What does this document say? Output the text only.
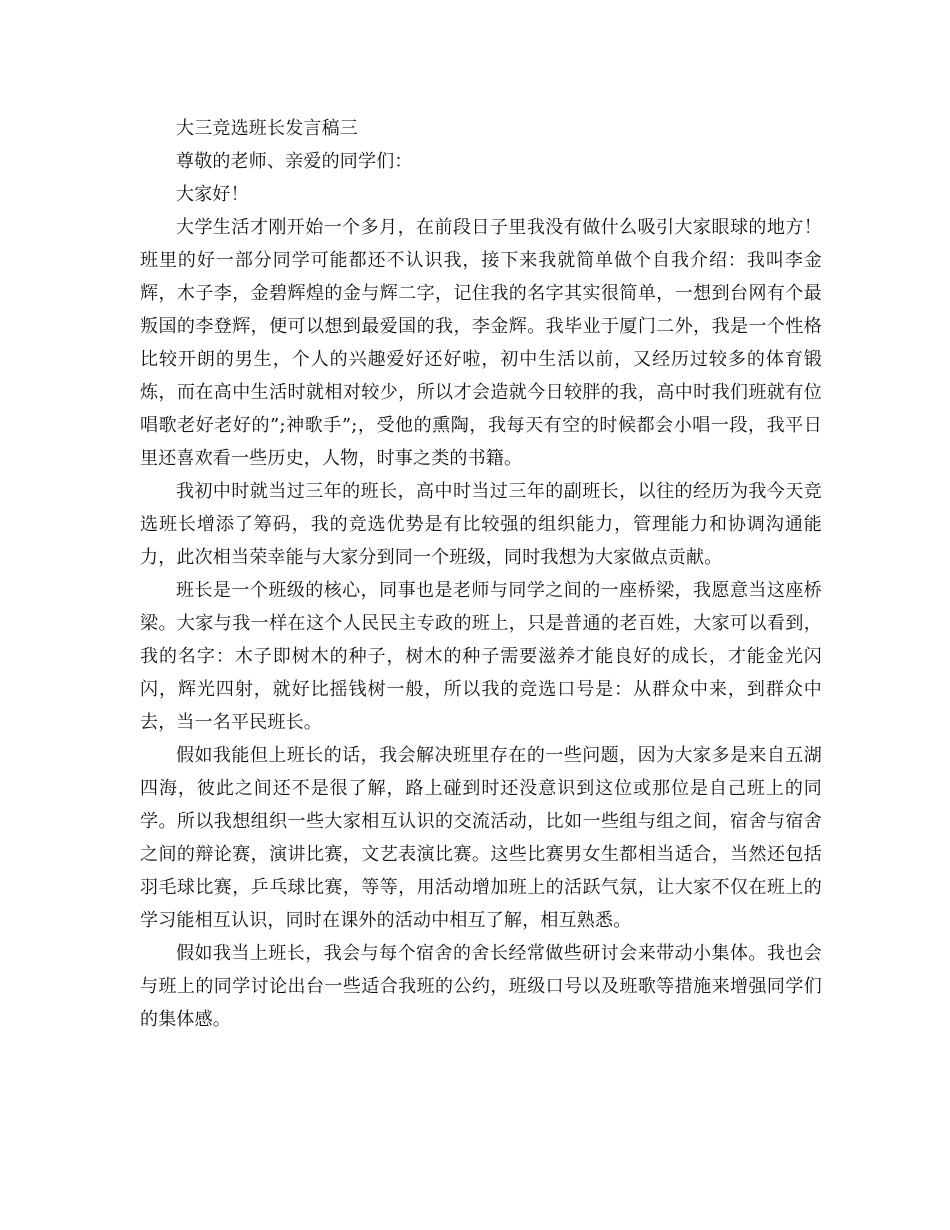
大三竞选班长发言稿三

尊敬的老师、亲爱的同学们：

大家好！

大学生活才刚开始一个多月，在前段日子里我没有做什么吸引大家眼球的地方！班里的好一部分同学可能都还不认识我，接下来我就简单做个自我介绍：我叫李金辉，木子李，金碧辉煌的金与辉二字，记住我的名字其实很简单，一想到台网有个最叛国的李登辉，便可以想到最爱国的我，李金辉。我毕业于厦门二外，我是一个性格比较开朗的男生，个人的兴趣爱好还好啦，初中生活以前，又经历过较多的体育锻炼，而在高中生活时就相对较少，所以才会造就今日较胖的我，高中时我们班就有位唱歌老好老好的”;神歌手”;，受他的熏陶，我每天有空的时候都会小唱一段，我平日里还喜欢看一些历史，人物，时事之类的书籍。

我初中时就当过三年的班长，高中时当过三年的副班长，以往的经历为我今天竞选班长增添了筹码，我的竞选优势是有比较强的组织能力，管理能力和协调沟通能力，此次相当荣幸能与大家分到同一个班级，同时我想为大家做点贡献。

班长是一个班级的核心，同事也是老师与同学之间的一座桥梁，我愿意当这座桥梁。大家与我一样在这个人民民主专政的班上，只是普通的老百姓，大家可以看到，我的名字：木子即树木的种子，树木的种子需要滋养才能良好的成长，才能金光闪闪，辉光四射，就好比摇钱树一般，所以我的竞选口号是：从群众中来，到群众中去，当一名平民班长。

假如我能但上班长的话，我会解决班里存在的一些问题，因为大家多是来自五湖四海，彼此之间还不是很了解，路上碰到时还没意识到这位或那位是自己班上的同学。所以我想组织一些大家相互认识的交流活动，比如一些组与组之间，宿舍与宿舍之间的辩论赛，演讲比赛，文艺表演比赛。这些比赛男女生都相当适合，当然还包括羽毛球比赛，乒乓球比赛，等等，用活动增加班上的活跃气氛，让大家不仅在班上的学习能相互认识，同时在课外的活动中相互了解，相互熟悉。

假如我当上班长，我会与每个宿舍的舍长经常做些研讨会来带动小集体。我也会与班上的同学讨论出台一些适合我班的公约，班级口号以及班歌等措施来增强同学们的集体感。
